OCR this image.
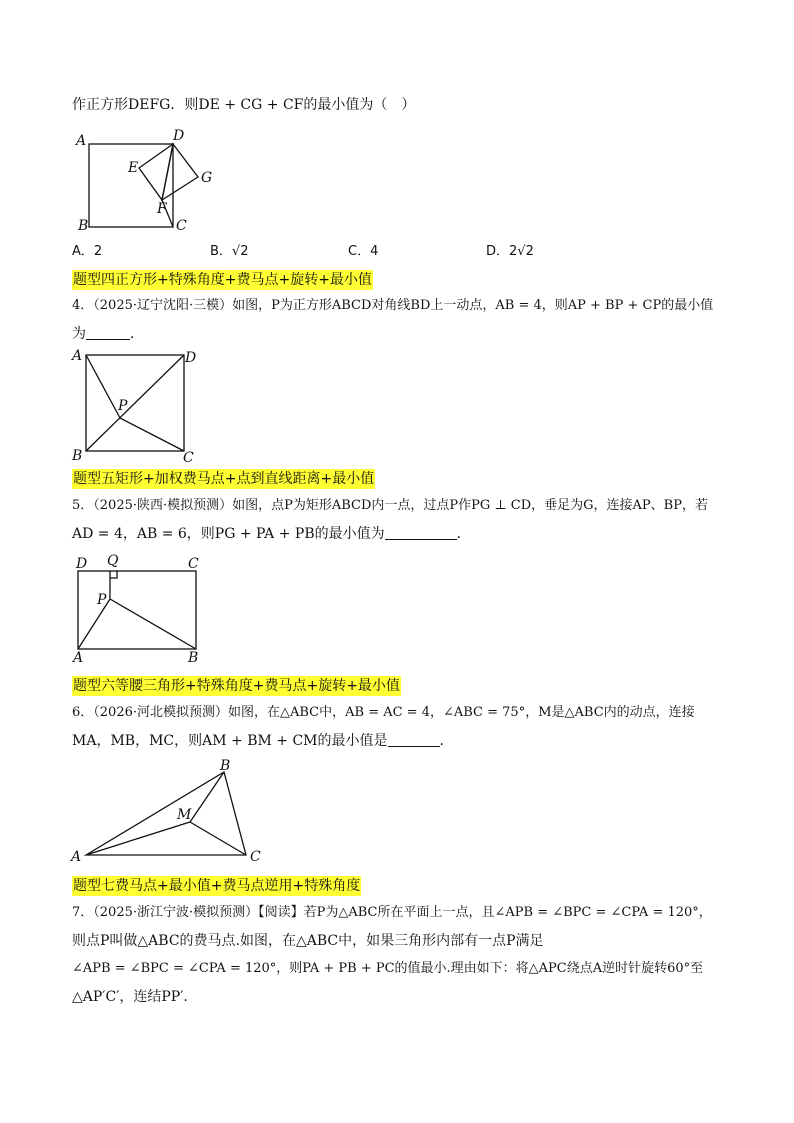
作正方形DEFG．则DE + CG + CF的最小值为（　）
A	D
E
G
F
B	C
A	D
P
B	C
D Q	C
P
A	B
B
M
A	C
A．2	B．√2	C．4	D．2√2
题型四正方形+特殊角度+费马点+旋转+最小值
4．（2025·辽宁沈阳·三模）如图，P为正方形ABCD对角线BD上一动点，AB = 4，则AP + BP + CP的最小值
为	．
题型五矩形+加权费马点+点到直线距离+最小值
5．（2025·陕西·模拟预测）如图，点P为矩形ABCD内一点，过点P作PG ⊥ CD，垂足为G，连接AP、BP，若
AD = 4，AB = 6，则PG + PA + PB的最小值为	．
题型六等腰三角形+特殊角度+费马点+旋转+最小值
6．（2026·河北模拟预测）如图，在△ABC中，AB = AC = 4，∠ABC = 75°，M是△ABC内的动点，连接
MA，MB，MC，则AM + BM + CM的最小值是	．
题型七费马点+最小值+费马点逆用+特殊角度
7．（2025·浙江宁波·模拟预测）【阅读】若P为△ABC所在平面上一点，且∠APB = ∠BPC = ∠CPA = 120°，
则点P叫做△ABC的费马点.如图，在△ABC中，如果三角形内部有一点P满足
∠APB = ∠BPC = ∠CPA = 120°，则PA + PB + PC的值最小.理由如下：将△APC绕点A逆时针旋转60°至
△AP′C′，连结PP′．
